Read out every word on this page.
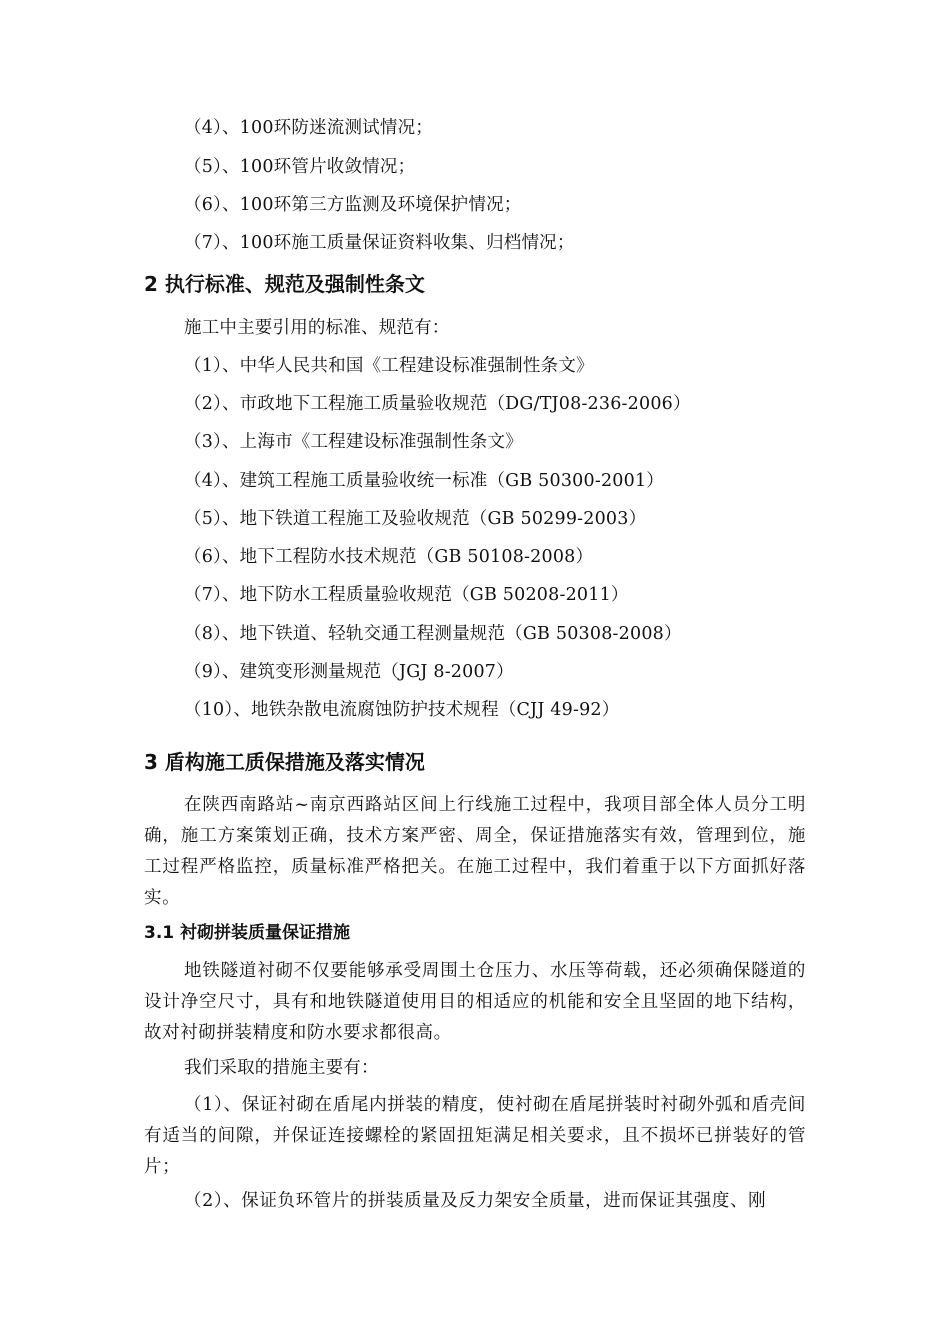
（4）、100环防迷流测试情况；
（5）、100环管片收敛情况；
（6）、100环第三方监测及环境保护情况；
（7）、100环施工质量保证资料收集、归档情况；
2 执行标准、规范及强制性条文
施工中主要引用的标准、规范有：
（1）、中华人民共和国《工程建设标准强制性条文》
（2）、市政地下工程施工质量验收规范（DG/TJ08-236-2006）
（3）、上海市《工程建设标准强制性条文》
（4）、建筑工程施工质量验收统一标准（GB 50300-2001）
（5）、地下铁道工程施工及验收规范（GB 50299-2003）
（6）、地下工程防水技术规范（GB 50108-2008）
（7）、地下防水工程质量验收规范（GB 50208-2011）
（8）、地下铁道、轻轨交通工程测量规范（GB 50308-2008）
（9）、建筑变形测量规范（JGJ 8-2007）
（10）、地铁杂散电流腐蚀防护技术规程（CJJ 49-92）
3 盾构施工质保措施及落实情况
在陕西南路站~南京西路站区间上行线施工过程中，我项目部全体人员分工明确，施工方案策划正确，技术方案严密、周全，保证措施落实有效，管理到位，施工过程严格监控，质量标准严格把关。在施工过程中，我们着重于以下方面抓好落实。
3.1 衬砌拼装质量保证措施
地铁隧道衬砌不仅要能够承受周围土仓压力、水压等荷载，还必须确保隧道的设计净空尺寸，具有和地铁隧道使用目的相适应的机能和安全且坚固的地下结构，故对衬砌拼装精度和防水要求都很高。
我们采取的措施主要有：
（1）、保证衬砌在盾尾内拼装的精度，使衬砌在盾尾拼装时衬砌外弧和盾壳间有适当的间隙，并保证连接螺栓的紧固扭矩满足相关要求，且不损坏已拼装好的管片；
（2）、保证负环管片的拼装质量及反力架安全质量，进而保证其强度、刚
